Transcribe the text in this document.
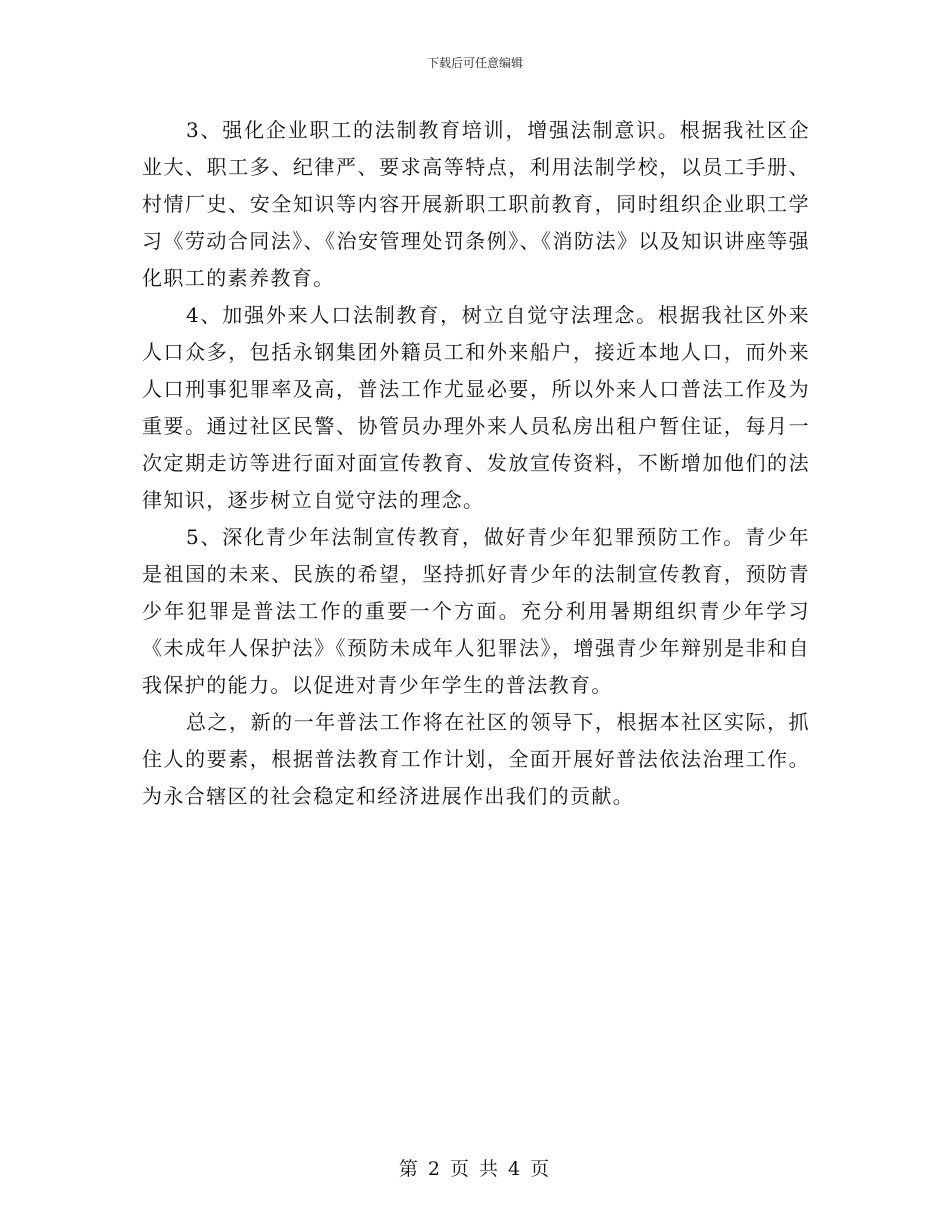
下载后可任意编辑

3、强化企业职工的法制教育培训，增强法制意识。根据我社区企业大、职工多、纪律严、要求高等特点，利用法制学校，以员工手册、村情厂史、安全知识等内容开展新职工职前教育，同时组织企业职工学习《劳动合同法》、《治安管理处罚条例》、《消防法》以及知识讲座等强化职工的素养教育。

4、加强外来人口法制教育，树立自觉守法理念。根据我社区外来人口众多，包括永钢集团外籍员工和外来船户，接近本地人口，而外来人口刑事犯罪率及高，普法工作尤显必要，所以外来人口普法工作及为重要。通过社区民警、协管员办理外来人员私房出租户暂住证，每月一次定期走访等进行面对面宣传教育、发放宣传资料，不断增加他们的法律知识，逐步树立自觉守法的理念。

5、深化青少年法制宣传教育，做好青少年犯罪预防工作。青少年是祖国的未来、民族的希望，坚持抓好青少年的法制宣传教育，预防青少年犯罪是普法工作的重要一个方面。充分利用暑期组织青少年学习《未成年人保护法》《预防未成年人犯罪法》，增强青少年辩别是非和自我保护的能力。以促进对青少年学生的普法教育。

总之，新的一年普法工作将在社区的领导下，根据本社区实际，抓住人的要素，根据普法教育工作计划，全面开展好普法依法治理工作。为永合辖区的社会稳定和经济进展作出我们的贡献。

第 2 页 共 4 页
